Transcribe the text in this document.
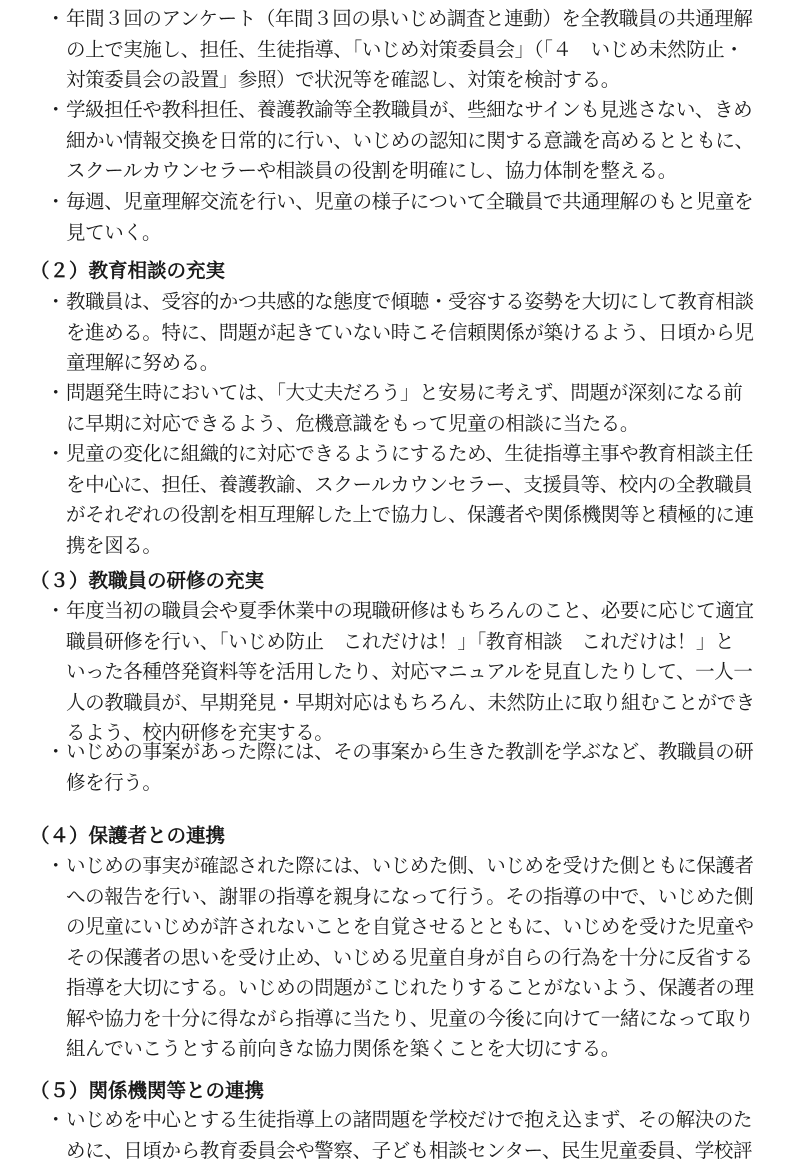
・ 年間３回のアンケート（年間３回の県いじめ調査と連動）を全教職員の共通理解
の上で実施し、担任、生徒指導、「いじめ対策委員会」（「４　いじめ未然防止・
対策委員会の設置」参照）で状況等を確認し、対策を検討する。
・ 学級担任や教科担任、養護教諭等全教職員が、些細なサインも見逃さない、きめ
細かい情報交換を日常的に行い、いじめの認知に関する意識を高めるとともに、
スクールカウンセラーや相談員の役割を明確にし、協力体制を整える。
・ 毎週、児童理解交流を行い、児童の様子について全職員で共通理解のもと児童を
見ていく。
（２）教育相談の充実
・ 教職員は、受容的かつ共感的な態度で傾聴・受容する姿勢を大切にして教育相談
を進める。特に、問題が起きていない時こそ信頼関係が築けるよう、日頃から児
童理解に努める。
・ 問題発生時においては、「大丈夫だろう」と安易に考えず、問題が深刻になる前
に早期に対応できるよう、危機意識をもって児童の相談に当たる。
・ 児童の変化に組織的に対応できるようにするため、生徒指導主事や教育相談主任
を中心に、担任、養護教諭、スクールカウンセラー、支援員等、校内の全教職員
がそれぞれの役割を相互理解した上で協力し、保護者や関係機関等と積極的に連
携を図る。
（３）教職員の研修の充実
・ 年度当初の職員会や夏季休業中の現職研修はもちろんのこと、必要に応じて適宜
職員研修を行い、「いじめ防止　これだけは！」「教育相談　これだけは！」と
いった各種啓発資料等を活用したり、対応マニュアルを見直したりして、一人一
人の教職員が、早期発見・早期対応はもちろん、未然防止に取り組むことができ
るよう、校内研修を充実する。
・ いじめの事案があった際には、その事案から生きた教訓を学ぶなど、教職員の研
修を行う。
（４）保護者との連携
・ いじめの事実が確認された際には、いじめた側、いじめを受けた側ともに保護者
への報告を行い、謝罪の指導を親身になって行う。その指導の中で、いじめた側
の児童にいじめが許されないことを自覚させるとともに、いじめを受けた児童や
その保護者の思いを受け止め、いじめる児童自身が自らの行為を十分に反省する
指導を大切にする。いじめの問題がこじれたりすることがないよう、保護者の理
解や協力を十分に得ながら指導に当たり、児童の今後に向けて一緒になって取り
組んでいこうとする前向きな協力関係を築くことを大切にする。
（５）関係機関等との連携
・ いじめを中心とする生徒指導上の諸問題を学校だけで抱え込まず、その解決のた
めに、日頃から教育委員会や警察、子ども相談センター、民生児童委員、学校評
